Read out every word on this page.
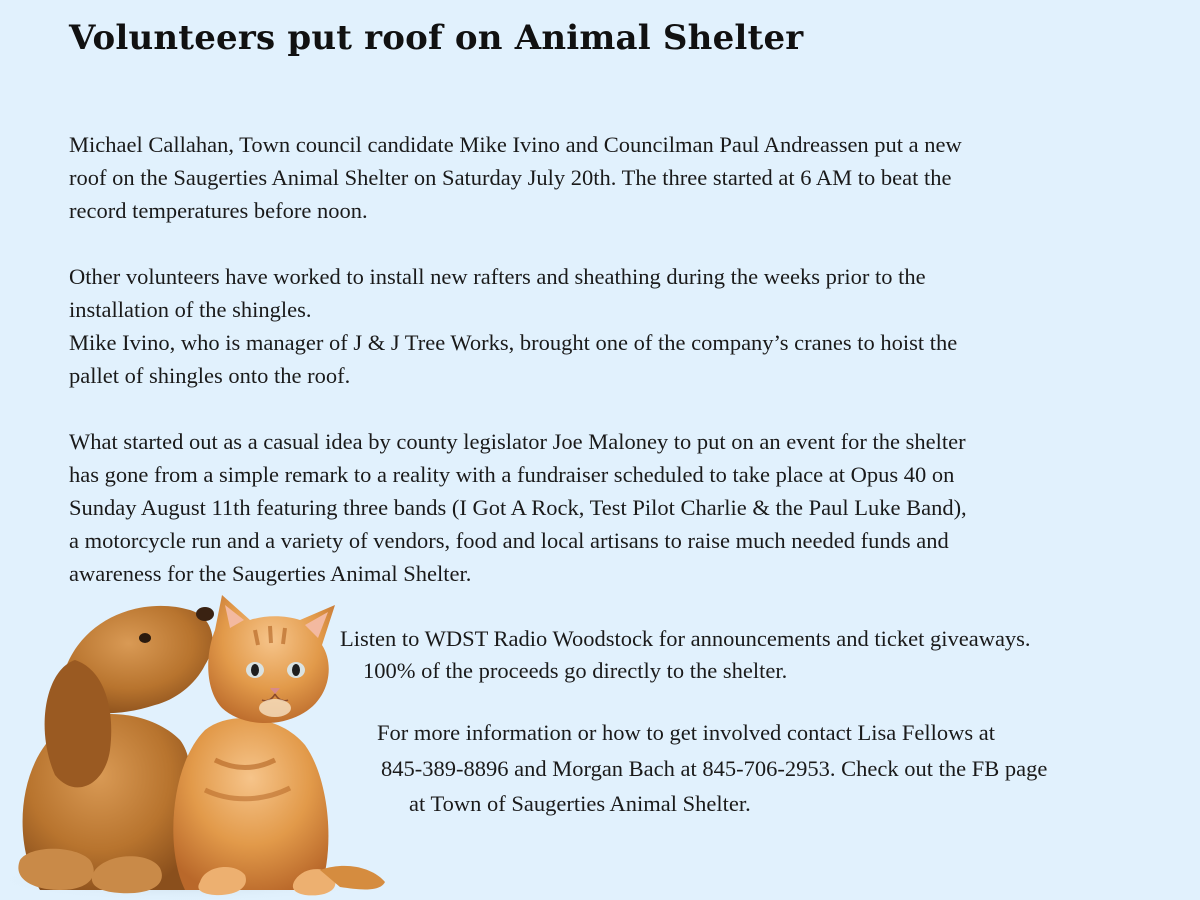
Volunteers put roof on Animal Shelter

Michael Callahan, Town council candidate Mike Ivino and Councilman Paul Andreassen put a new
roof on the Saugerties Animal Shelter on Saturday July 20th. The three started at 6 AM to beat the
record temperatures before noon.

Other volunteers have worked to install new rafters and sheathing during the weeks prior to the
installation of the shingles.
Mike Ivino, who is manager of J & J Tree Works, brought one of the company’s cranes to hoist the
pallet of shingles onto the roof.

What started out as a casual idea by county legislator Joe Maloney to put on an event for the shelter
has gone from a simple remark to a reality with a fundraiser scheduled to take place at Opus 40 on
Sunday August 11th featuring three bands (I Got A Rock, Test Pilot Charlie & the Paul Luke Band),
a motorcycle run and a variety of vendors, food and local artisans to raise much needed funds and
awareness for the Saugerties Animal Shelter.

Listen to WDST Radio Woodstock for announcements and ticket giveaways.

100% of the proceeds go directly to the shelter.

For more information or how to get involved contact Lisa Fellows at

845-389-8896 and Morgan Bach at 845-706-2953. Check out the FB page

at Town of Saugerties Animal Shelter.
